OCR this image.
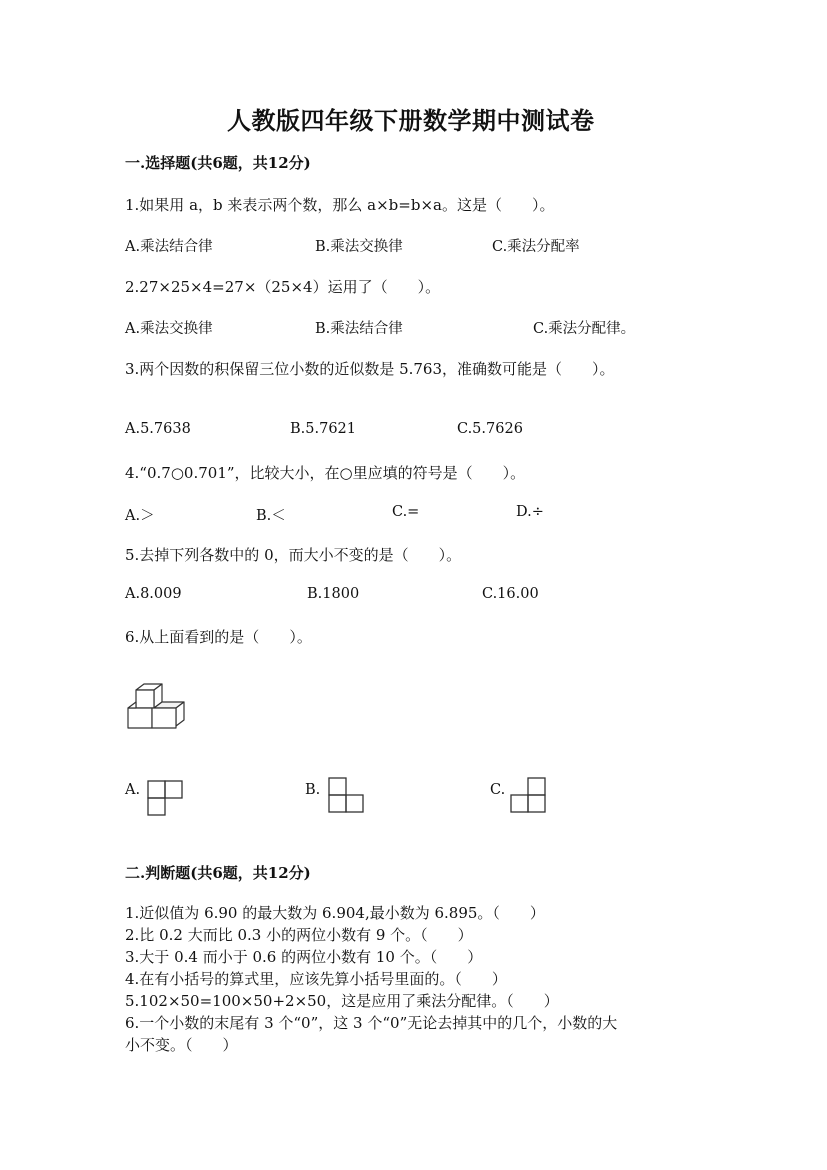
人教版四年级下册数学期中测试卷
一.选择题(共6题，共12分)
1.如果用 a，b 来表示两个数，那么 a×b=b×a。这是（　　）。
A.乘法结合律	B.乘法交换律	C.乘法分配率
2.27×25×4=27×（25×4）运用了（　　）。
A.乘法交换律	B.乘法结合律	C.乘法分配律。
3.两个因数的积保留三位小数的近似数是 5.763，准确数可能是（　　）。
A.5.7638	B.5.7621	C.5.7626
4.“0.7○0.701”，比较大小，在○里应填的符号是（　　）。
A.＞	B.＜	C.=	D.÷
5.去掉下列各数中的 0，而大小不变的是（　　）。
A.8.009	B.1800	C.16.00
6.从上面看到的是（　　）。
A.	B.	C.
二.判断题(共6题，共12分)
1.近似值为 6.90 的最大数为 6.904,最小数为 6.895。（　　）
2.比 0.2 大而比 0.3 小的两位小数有 9 个。（　　）
3.大于 0.4 而小于 0.6 的两位小数有 10 个。（　　）
4.在有小括号的算式里，应该先算小括号里面的。（　　）
5.102×50=100×50+2×50，这是应用了乘法分配律。（　　）
6.一个小数的末尾有 3 个“0”，这 3 个“0”无论去掉其中的几个，小数的大
小不变。（　　）
